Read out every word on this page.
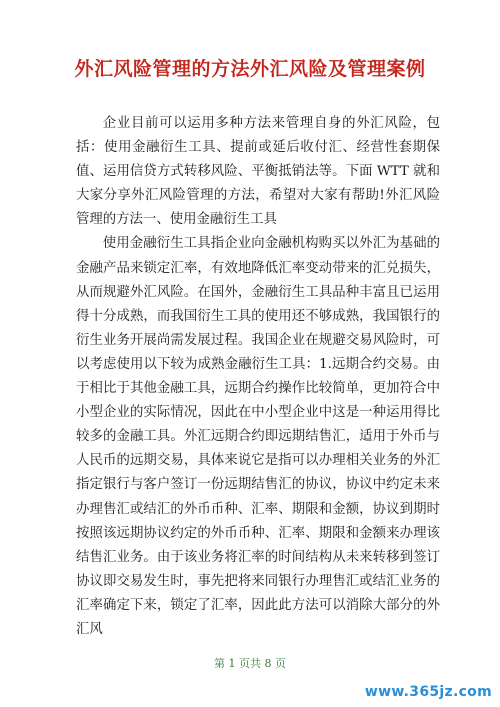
外汇风险管理的方法外汇风险及管理案例

企业目前可以运用多种方法来管理自身的外汇风险，包括：使用金融衍生工具、提前或延后收付汇、经营性套期保值、运用信贷方式转移风险、平衡抵销法等。下面 WTT 就和大家分享外汇风险管理的方法，希望对大家有帮助!外汇风险管理的方法一、使用金融衍生工具

使用金融衍生工具指企业向金融机构购买以外汇为基础的金融产品来锁定汇率，有效地降低汇率变动带来的汇兑损失，从而规避外汇风险。在国外，金融衍生工具品种丰富且已运用得十分成熟，而我国衍生工具的使用还不够成熟，我国银行的衍生业务开展尚需发展过程。我国企业在规避交易风险时，可以考虑使用以下较为成熟金融衍生工具：1.远期合约交易。由于相比于其他金融工具，远期合约操作比较简单，更加符合中小型企业的实际情况，因此在中小型企业中这是一种运用得比较多的金融工具。外汇远期合约即远期结售汇，适用于外币与人民币的远期交易，具体来说它是指可以办理相关业务的外汇指定银行与客户签订一份远期结售汇的协议，协议中约定未来办理售汇或结汇的外币币种、汇率、期限和金额，协议到期时按照该远期协议约定的外币币种、汇率、期限和金额来办理该结售汇业务。由于该业务将汇率的时间结构从未来转移到签订协议即交易发生时，事先把将来同银行办理售汇或结汇业务的汇率确定下来，锁定了汇率，因此此方法可以消除大部分的外汇风

第 1 页共 8 页
www.365jz.com
